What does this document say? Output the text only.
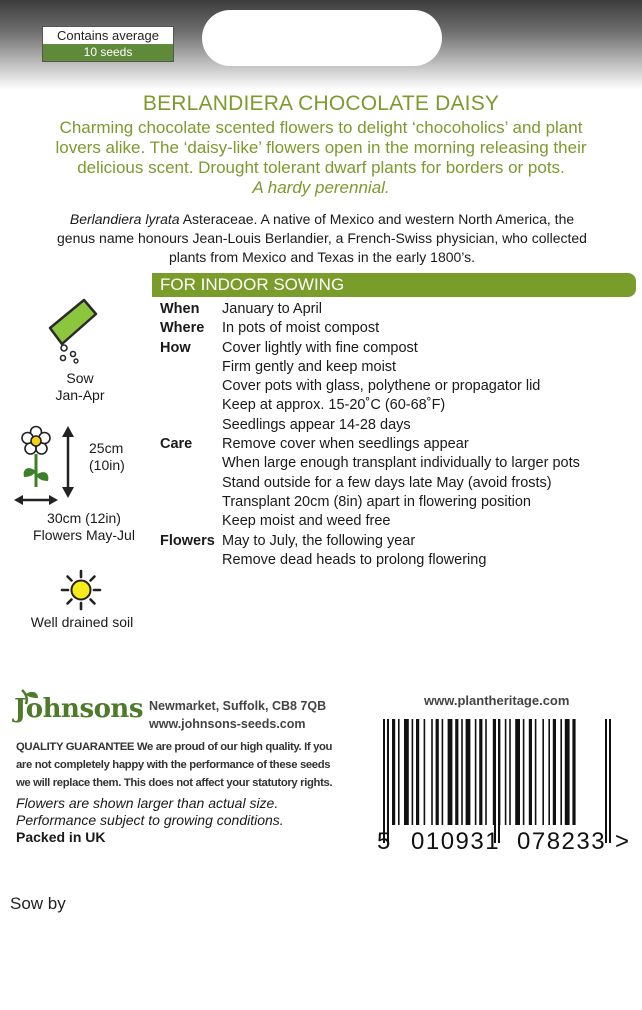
Contains average
10 seeds
BERLANDIERA CHOCOLATE DAISY
Charming chocolate scented flowers to delight ‘chocoholics’ and plant
lovers alike. The ‘daisy-like’ flowers open in the morning releasing their
delicious scent. Drought tolerant dwarf plants for borders or pots.
A hardy perennial.
Berlandiera lyrata Asteraceae. A native of Mexico and western North America, the
genus name honours Jean-Louis Berlandier, a French-Swiss physician, who collected
plants from Mexico and Texas in the early 1800’s.
FOR INDOOR SOWING
When January to April
Where In pots of moist compost
How Cover lightly with fine compost
Firm gently and keep moist
Cover pots with glass, polythene or propagator lid
Keep at approx. 15-20˚C (60-68˚F)
Seedlings appear 14-28 days
Care Remove cover when seedlings appear
When large enough transplant individually to larger pots
Stand outside for a few days late May (avoid frosts)
Transplant 20cm (8in) apart in flowering position
Keep moist and weed free
Flowers May to July, the following year
Remove dead heads to prolong flowering
Sow
Jan-Apr
25cm
(10in)
30cm (12in)
Flowers May-Jul
Well drained soil
Johnsons Newmarket, Suffolk, CB8 7QB
www.johnsons-seeds.com
www.plantheritage.com
QUALITY GUARANTEE We are proud of our high quality. If you
are not completely happy with the performance of these seeds
we will replace them. This does not affect your statutory rights.
Flowers are shown larger than actual size.
Performance subject to growing conditions.
Packed in UK	5 010931 078233 >
Sow by
